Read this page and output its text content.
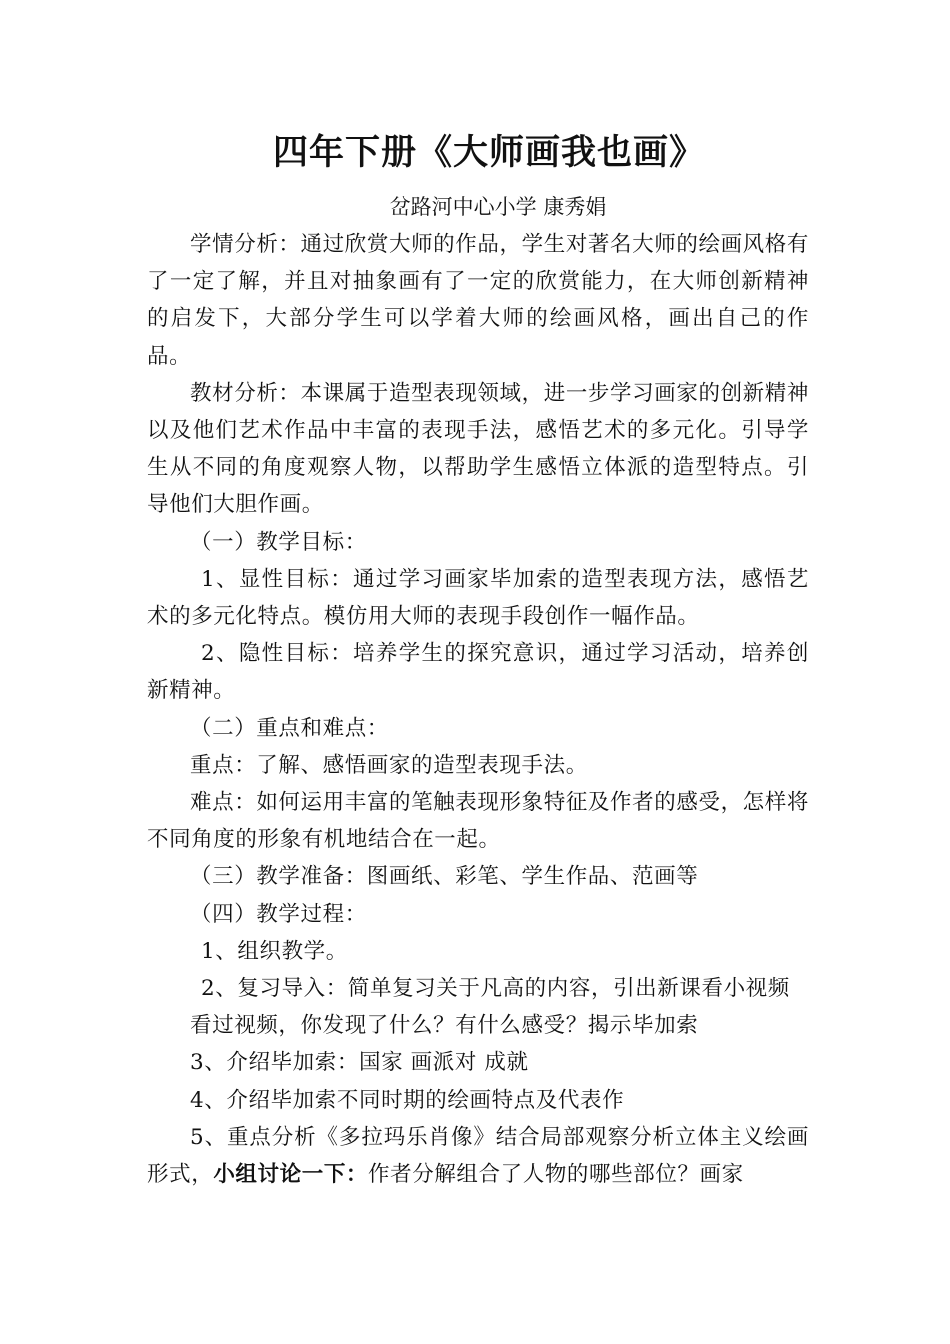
四年下册《大师画我也画》
岔路河中心小学 康秀娟

学情分析：通过欣赏大师的作品，学生对著名大师的绘画风格有了一定了解，并且对抽象画有了一定的欣赏能力，在大师创新精神的启发下，大部分学生可以学着大师的绘画风格，画出自己的作品。

教材分析：本课属于造型表现领域，进一步学习画家的创新精神以及他们艺术作品中丰富的表现手法，感悟艺术的多元化。引导学生从不同的角度观察人物，以帮助学生感悟立体派的造型特点。引导他们大胆作画。

（一）教学目标：

1、显性目标：通过学习画家毕加索的造型表现方法，感悟艺术的多元化特点。模仿用大师的表现手段创作一幅作品。

2、隐性目标：培养学生的探究意识，通过学习活动，培养创新精神。

（二）重点和难点：

重点：了解、感悟画家的造型表现手法。

难点：如何运用丰富的笔触表现形象特征及作者的感受，怎样将不同角度的形象有机地结合在一起。

（三）教学准备：图画纸、彩笔、学生作品、范画等

（四）教学过程：

1、组织教学。

2、复习导入：简单复习关于凡高的内容，引出新课看小视频

看过视频，你发现了什么？有什么感受？揭示毕加索

3、介绍毕加索：国家 画派对 成就

4、介绍毕加索不同时期的绘画特点及代表作

5、重点分析《多拉玛乐肖像》结合局部观察分析立体主义绘画形式，小组讨论一下：作者分解组合了人物的哪些部位？画家
